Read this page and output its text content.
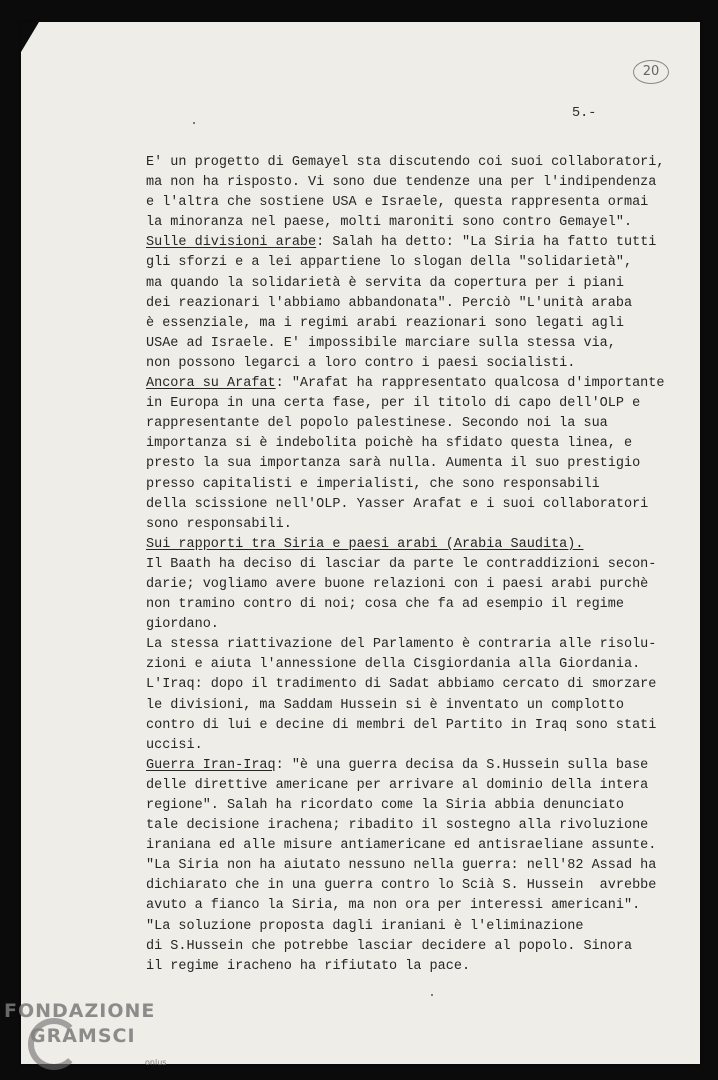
20
5.-
E' un progetto di Gemayel sta discutendo coi suoi collaboratori,
ma non ha risposto. Vi sono due tendenze una per l'indipendenza
e l'altra che sostiene USA e Israele, questa rappresenta ormai
la minoranza nel paese, molti maroniti sono contro Gemayel".
Sulle divisioni arabe: Salah ha detto: "La Siria ha fatto tutti
gli sforzi e a lei appartiene lo slogan della "solidarietà",
ma quando la solidarietà è servita da copertura per i piani
dei reazionari l'abbiamo abbandonata". Perciò "L'unità araba
è essenziale, ma i regimi arabi reazionari sono legati agli
USAe ad Israele. E' impossibile marciare sulla stessa via,
non possono legarci a loro contro i paesi socialisti.
Ancora su Arafat: "Arafat ha rappresentato qualcosa d'importante
in Europa in una certa fase, per il titolo di capo dell'OLP e
rappresentante del popolo palestinese. Secondo noi la sua
importanza si è indebolita poichè ha sfidato questa linea, e
presto la sua importanza sarà nulla. Aumenta il suo prestigio
presso capitalisti e imperialisti, che sono responsabili
della scissione nell'OLP. Yasser Arafat e i suoi collaboratori
sono responsabili.
Sui rapporti tra Siria e paesi arabi (Arabia Saudita).
Il Baath ha deciso di lasciar da parte le contraddizioni secon-
darie; vogliamo avere buone relazioni con i paesi arabi purchè
non tramino contro di noi; cosa che fa ad esempio il regime
giordano.
La stessa riattivazione del Parlamento è contraria alle risolu-
zioni e aiuta l'annessione della Cisgiordania alla Giordania.
L'Iraq: dopo il tradimento di Sadat abbiamo cercato di smorzare
le divisioni, ma Saddam Hussein si è inventato un complotto
contro di lui e decine di membri del Partito in Iraq sono stati
uccisi.
Guerra Iran-Iraq: "è una guerra decisa da S.Hussein sulla base
delle direttive americane per arrivare al dominio della intera
regione". Salah ha ricordato come la Siria abbia denunciato
tale decisione irachena; ribadito il sostegno alla rivoluzione
iraniana ed alle misure antiamericane ed antisraeliane assunte.
"La Siria non ha aiutato nessuno nella guerra: nell'82 Assad ha
dichiarato che in una guerra contro lo Scià S. Hussein  avrebbe
avuto a fianco la Siria, ma non ora per interessi americani".
"La soluzione proposta dagli iraniani è l'eliminazione
di S.Hussein che potrebbe lasciar decidere al popolo. Sinora
il regime iracheno ha rifiutato la pace.
FONDAZIONE
GRAMSCI
onlus
